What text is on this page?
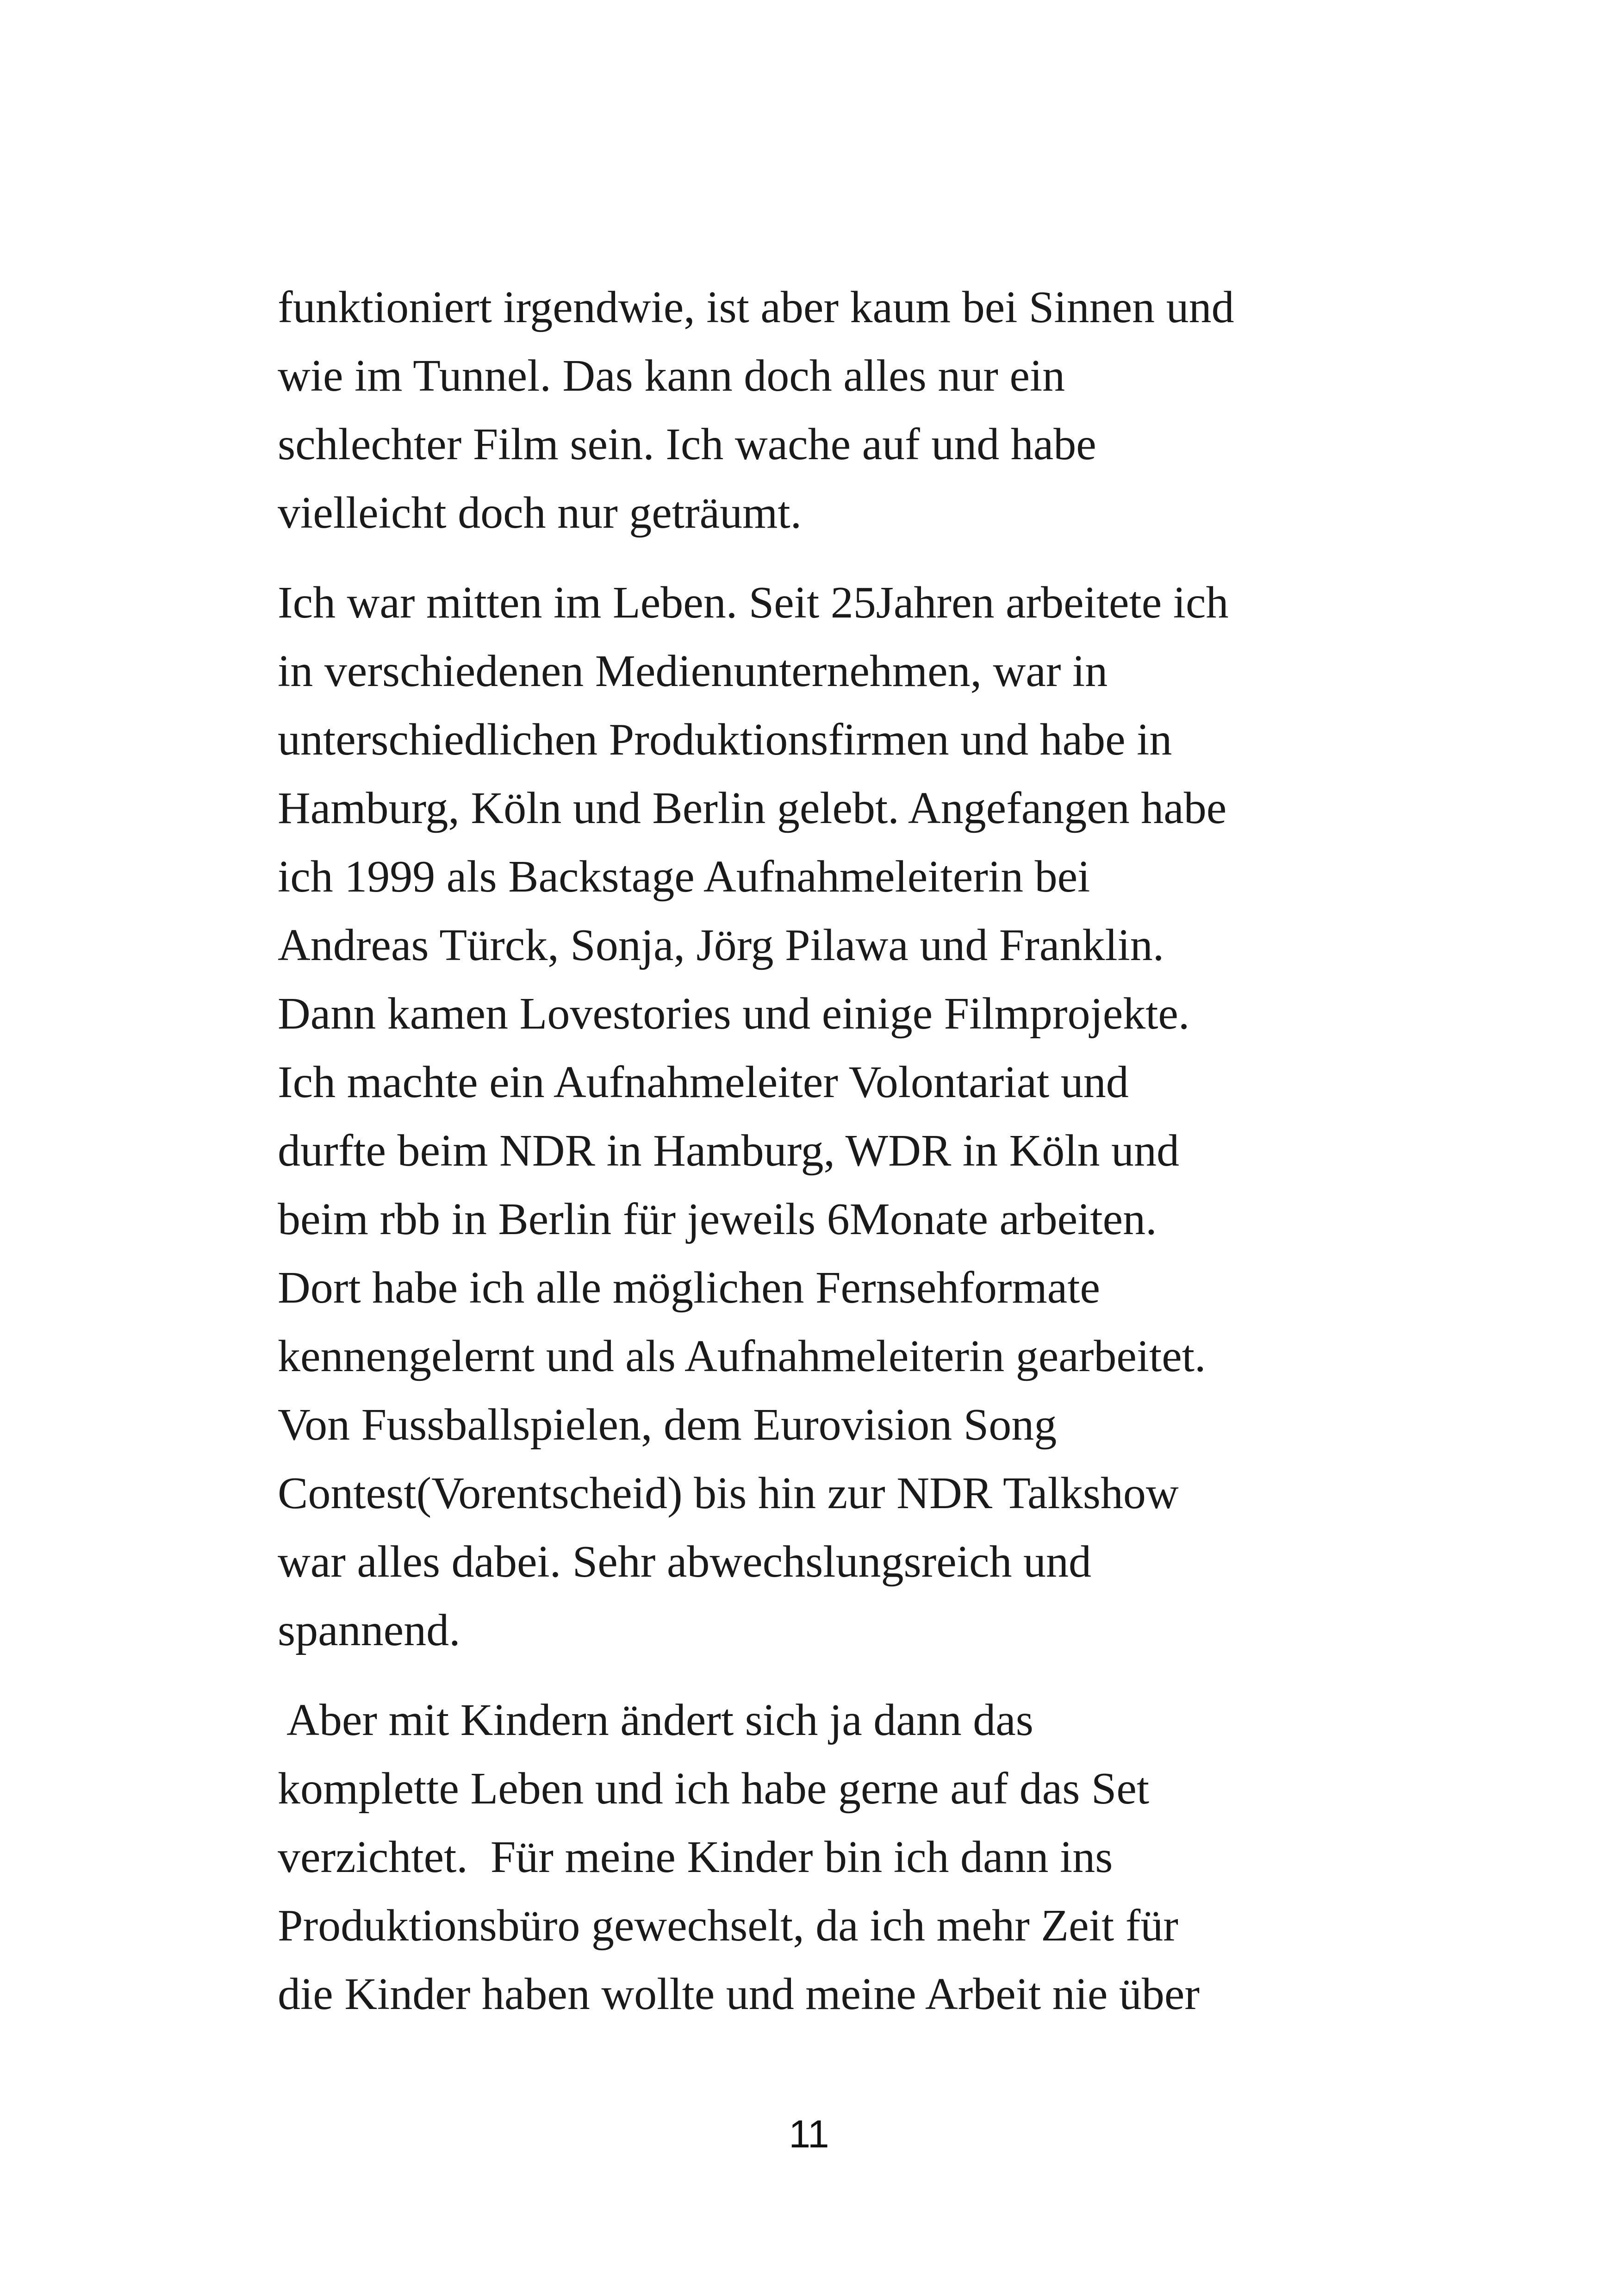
funktioniert irgendwie, ist aber kaum bei Sinnen und
wie im Tunnel. Das kann doch alles nur ein
schlechter Film sein. Ich wache auf und habe
vielleicht doch nur geträumt.
Ich war mitten im Leben. Seit 25Jahren arbeitete ich
in verschiedenen Medienunternehmen, war in
unterschiedlichen Produktionsfirmen und habe in
Hamburg, Köln und Berlin gelebt. Angefangen habe
ich 1999 als Backstage Aufnahmeleiterin bei
Andreas Türck, Sonja, Jörg Pilawa und Franklin.
Dann kamen Lovestories und einige Filmprojekte.
Ich machte ein Aufnahmeleiter Volontariat und
durfte beim NDR in Hamburg, WDR in Köln und
beim rbb in Berlin für jeweils 6Monate arbeiten.
Dort habe ich alle möglichen Fernsehformate
kennengelernt und als Aufnahmeleiterin gearbeitet.
Von Fussballspielen, dem Eurovision Song
Contest(Vorentscheid) bis hin zur NDR Talkshow
war alles dabei. Sehr abwechslungsreich und
spannend.
Aber mit Kindern ändert sich ja dann das
komplette Leben und ich habe gerne auf das Set
verzichtet.  Für meine Kinder bin ich dann ins
Produktionsbüro gewechselt, da ich mehr Zeit für
die Kinder haben wollte und meine Arbeit nie über
11
